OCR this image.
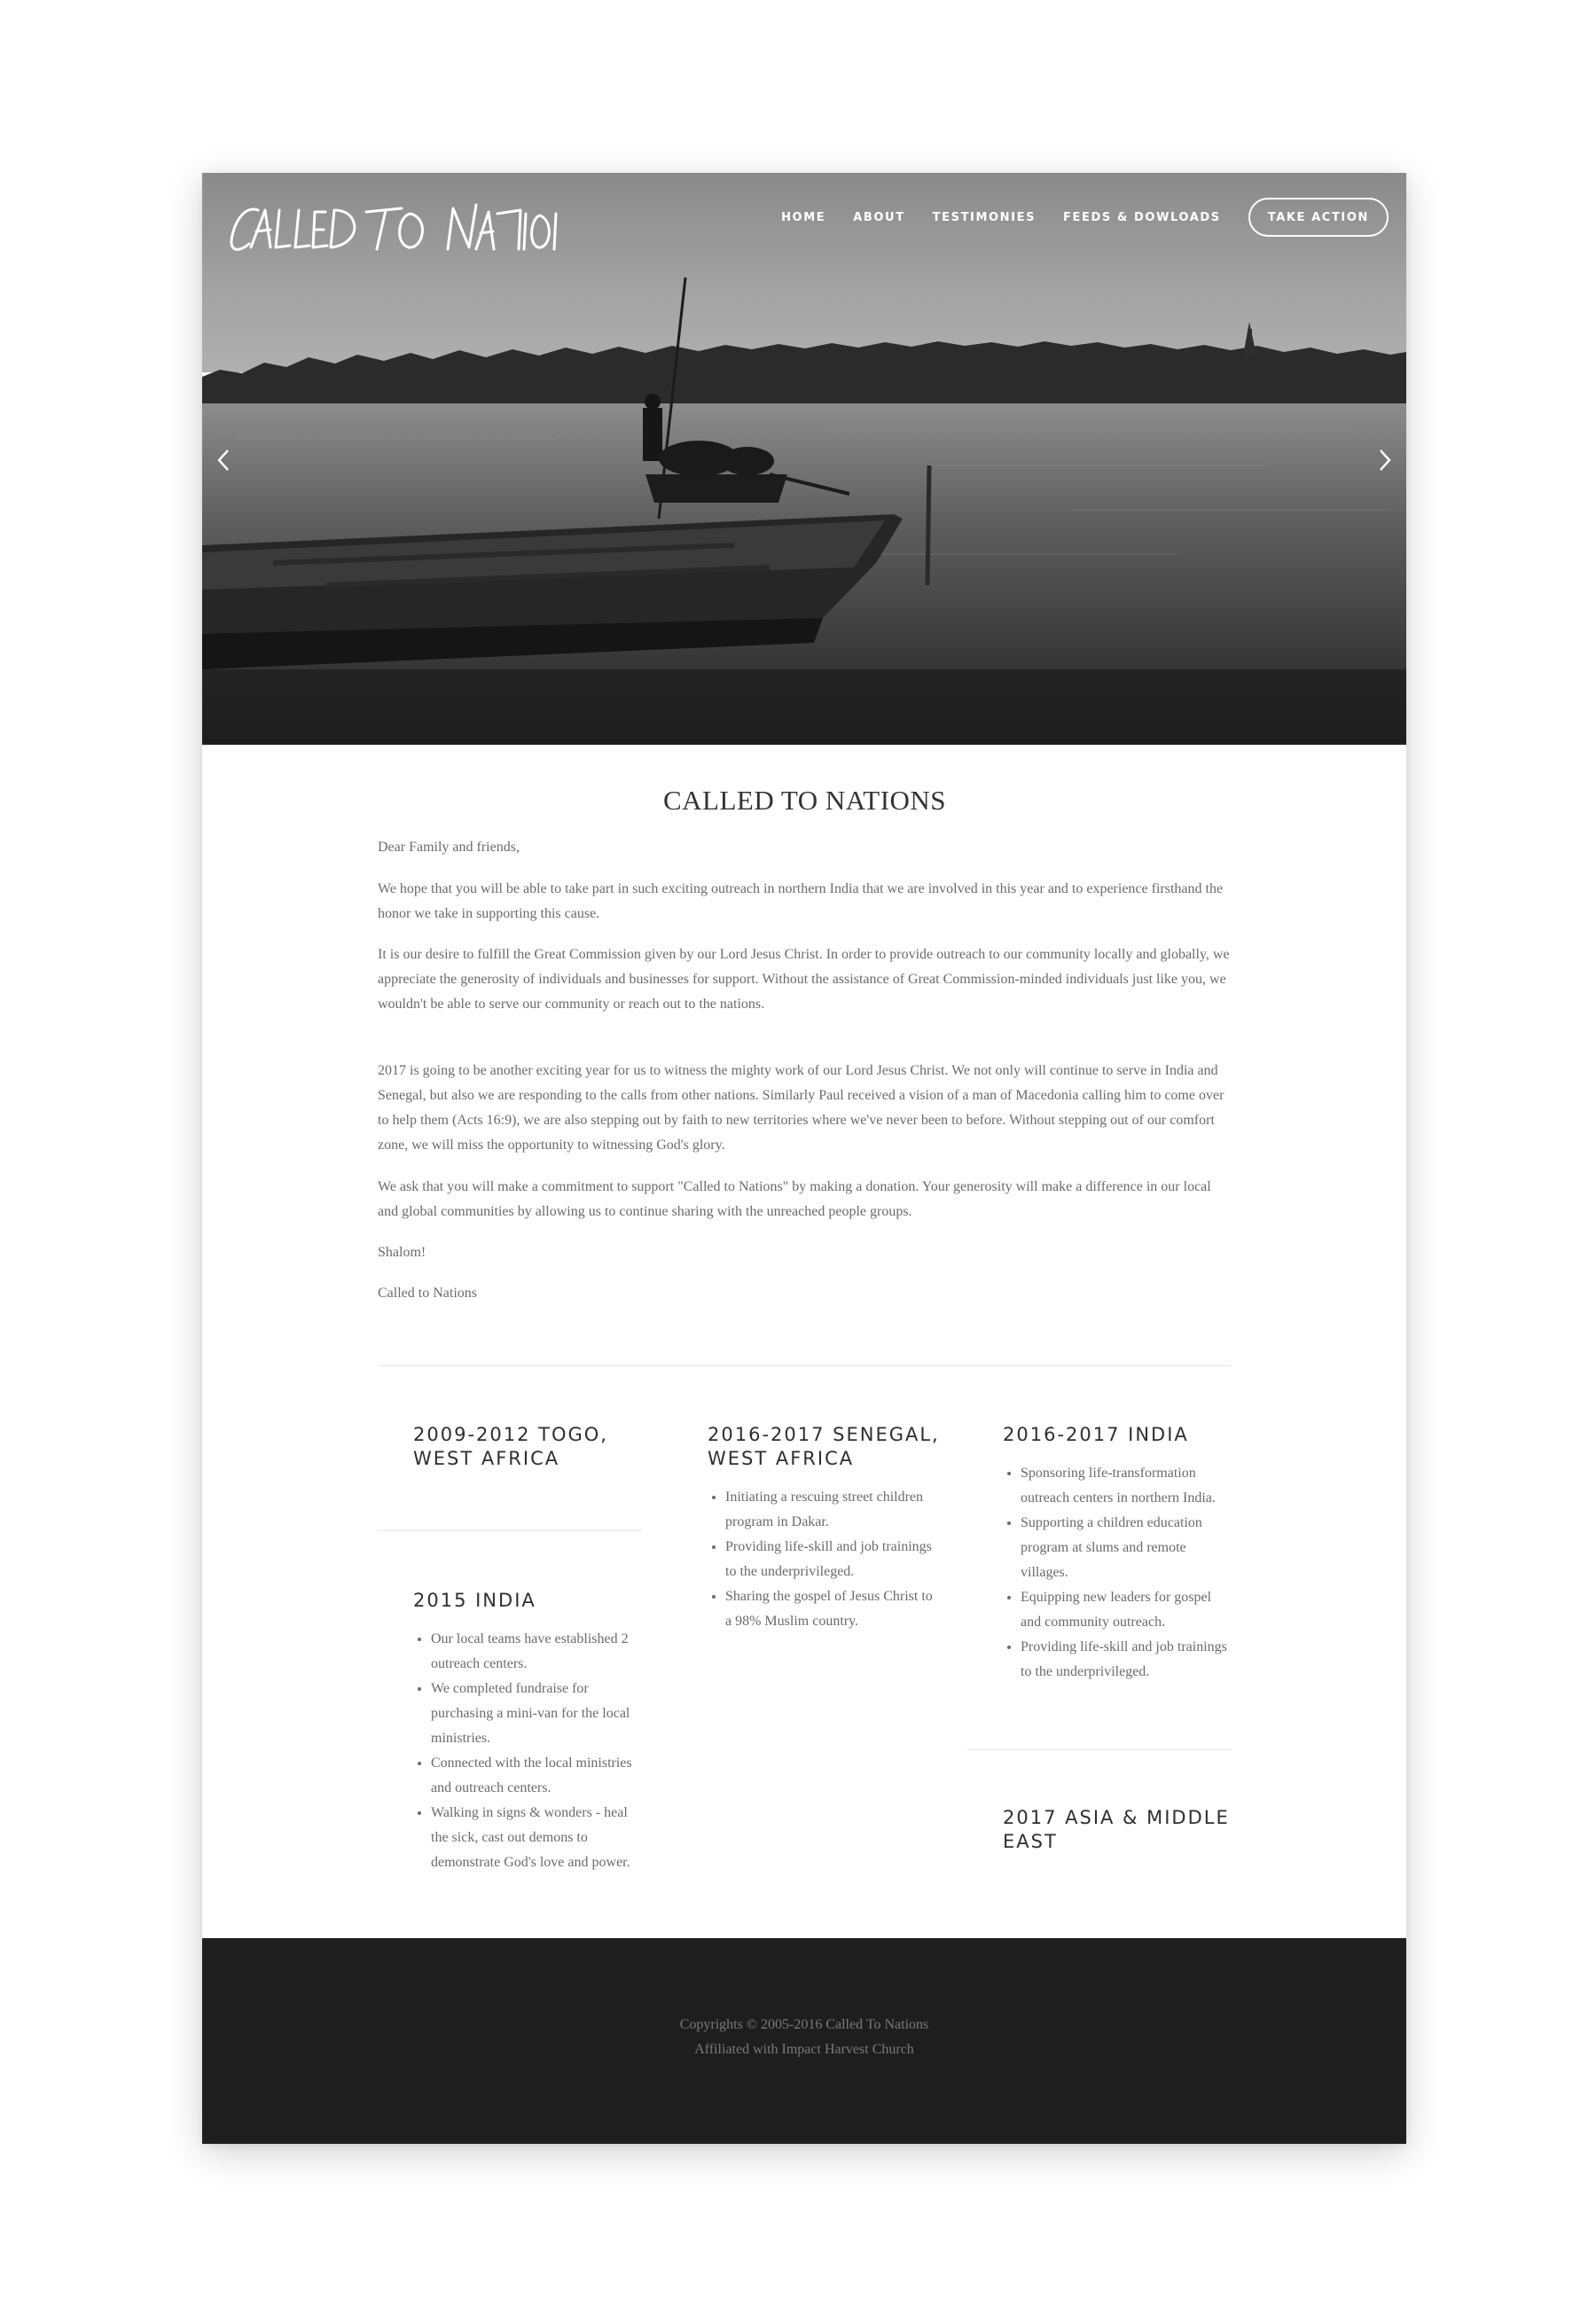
HOME ABOUT TESTIMONIES FEEDS & DOWLOADS	TAKE ACTION
CALLED TO NATIONS

Dear Family and friends,

We hope that you will be able to take part in such exciting outreach in northern India that we are involved in this year and to experience firsthand the honor we take in supporting this cause.

It is our desire to fulfill the Great Commission given by our Lord Jesus Christ. In order to provide outreach to our community locally and globally, we appreciate the generosity of individuals and businesses for support. Without the assistance of Great Commission-minded individuals just like you, we wouldn't be able to serve our community or reach out to the nations.

2017 is going to be another exciting year for us to witness the mighty work of our Lord Jesus Christ. We not only will continue to serve in India and Senegal, but also we are responding to the calls from other nations. Similarly Paul received a vision of a man of Macedonia calling him to come over to help them (Acts 16:9), we are also stepping out by faith to new territories where we've never been to before. Without stepping out of our comfort zone, we will miss the opportunity to witnessing God's glory.

We ask that you will make a commitment to support "Called to Nations" by making a donation. Your generosity will make a difference in our local and global communities by allowing us to continue sharing with the unreached people groups.

Shalom!

Called to Nations

2009-2012 TOGO, WEST AFRICA
2015 INDIA
• Our local teams have established 2 outreach centers.
• We completed fundraise for purchasing a mini-van for the local ministries.
• Connected with the local ministries and outreach centers.
• Walking in signs & wonders - heal the sick, cast out demons to demonstrate God's love and power.
2016-2017 SENEGAL, WEST AFRICA
• Initiating a rescuing street children program in Dakar.
• Providing life-skill and job trainings to the underprivileged.
• Sharing the gospel of Jesus Christ to a 98% Muslim country.
2016-2017 INDIA
• Sponsoring life-transformation outreach centers in northern India.
• Supporting a children education program at slums and remote villages.
• Equipping new leaders for gospel and community outreach.
• Providing life-skill and job trainings to the underprivileged.
2017 ASIA & MIDDLE EAST

Copyrights © 2005-2016 Called To Nations

Affiliated with Impact Harvest Church
